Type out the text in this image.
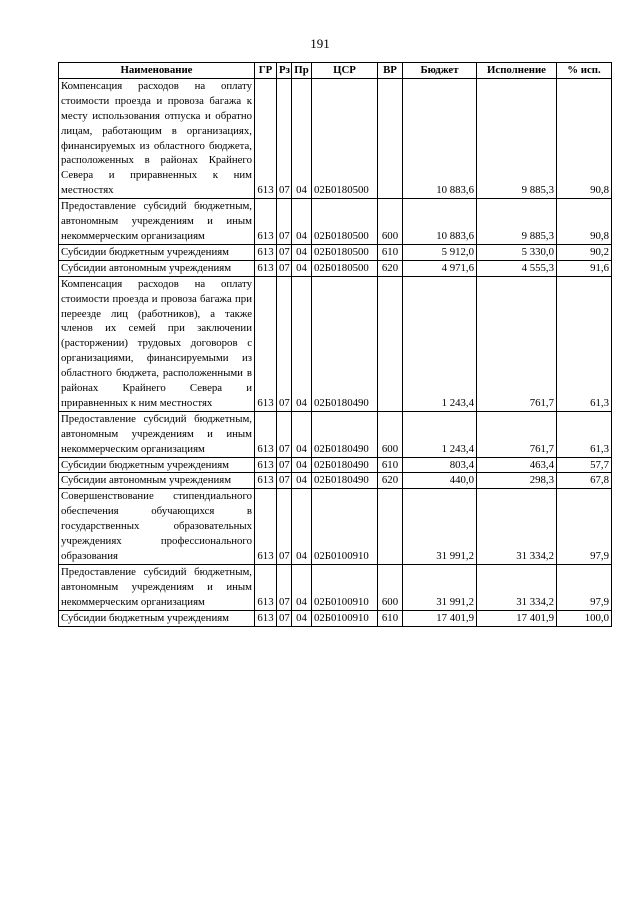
191
Наименование	ГР	Рз	Пр	ЦСР	ВР	Бюджет	Исполнение	% исп.
Компенсация расходов на оплату стоимости проезда и провоза багажа к месту использования отпуска и обратно лицам, работающим в организациях, финансируемых из областного бюджета, расположенных в районах Крайнего Севера и приравненных к ним местностях	613	07	04	02Б0180500		10 883,6	9 885,3	90,8
Предоставление субсидий бюджетным, автономным учреждениям и иным некоммерческим организациям	613	07	04	02Б0180500	600	10 883,6	9 885,3	90,8
Субсидии бюджетным учреждениям	613	07	04	02Б0180500	610	5 912,0	5 330,0	90,2
Субсидии автономным учреждениям	613	07	04	02Б0180500	620	4 971,6	4 555,3	91,6
Компенсация расходов на оплату стоимости проезда и провоза багажа при переезде лиц (работников), а также членов их семей при заключении (расторжении) трудовых договоров с организациями, финансируемыми из областного бюджета, расположенными в районах Крайнего Севера и приравненных к ним местностях	613	07	04	02Б0180490		1 243,4	761,7	61,3
Предоставление субсидий бюджетным, автономным учреждениям и иным некоммерческим организациям	613	07	04	02Б0180490	600	1 243,4	761,7	61,3
Субсидии бюджетным учреждениям	613	07	04	02Б0180490	610	803,4	463,4	57,7
Субсидии автономным учреждениям	613	07	04	02Б0180490	620	440,0	298,3	67,8
Совершенствование стипендиального обеспечения обучающихся в государственных образовательных учреждениях профессионального образования	613	07	04	02Б0100910		31 991,2	31 334,2	97,9
Предоставление субсидий бюджетным, автономным учреждениям и иным некоммерческим организациям	613	07	04	02Б0100910	600	31 991,2	31 334,2	97,9
Субсидии бюджетным учреждениям	613	07	04	02Б0100910	610	17 401,9	17 401,9	100,0
